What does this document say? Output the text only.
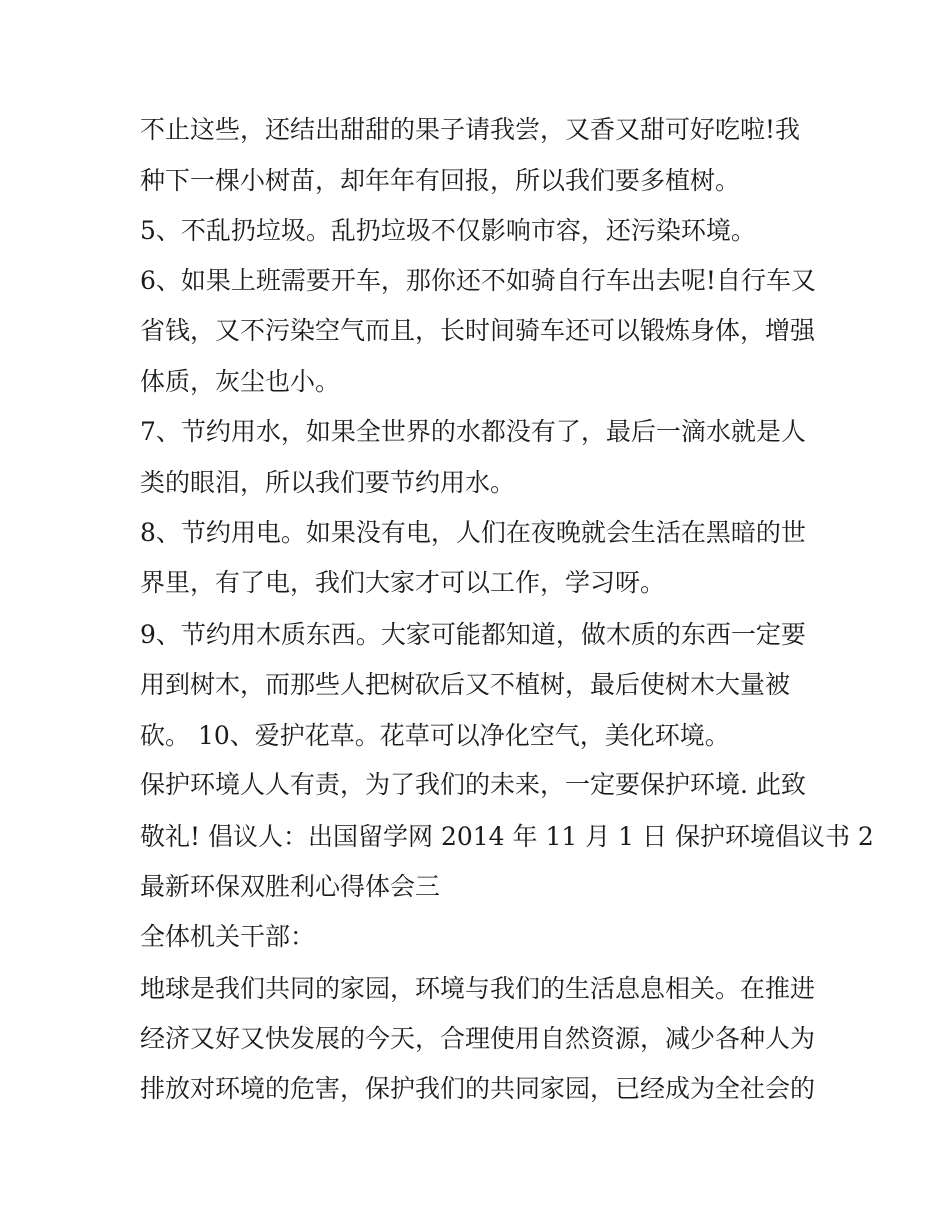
不止这些，还结出甜甜的果子请我尝，又香又甜可好吃啦!我
种下一棵小树苗，却年年有回报，所以我们要多植树。
5、不乱扔垃圾。乱扔垃圾不仅影响市容，还污染环境。
6、如果上班需要开车，那你还不如骑自行车出去呢!自行车又
省钱，又不污染空气而且，长时间骑车还可以锻炼身体，增强
体质，灰尘也小。
7、节约用水，如果全世界的水都没有了，最后一滴水就是人
类的眼泪，所以我们要节约用水。
8、节约用电。如果没有电，人们在夜晚就会生活在黑暗的世
界里，有了电，我们大家才可以工作，学习呀。
9、节约用木质东西。大家可能都知道，做木质的东西一定要
用到树木，而那些人把树砍后又不植树，最后使树木大量被
砍。 10、爱护花草。花草可以净化空气，美化环境。
保护环境人人有责，为了我们的未来，一定要保护环境. 此致
敬礼! 倡议人：出国留学网 2014 年 11 月 1 日 保护环境倡议书 2
最新环保双胜利心得体会三
全体机关干部：
地球是我们共同的家园，环境与我们的生活息息相关。在推进
经济又好又快发展的今天，合理使用自然资源，减少各种人为
排放对环境的危害，保护我们的共同家园，已经成为全社会的
